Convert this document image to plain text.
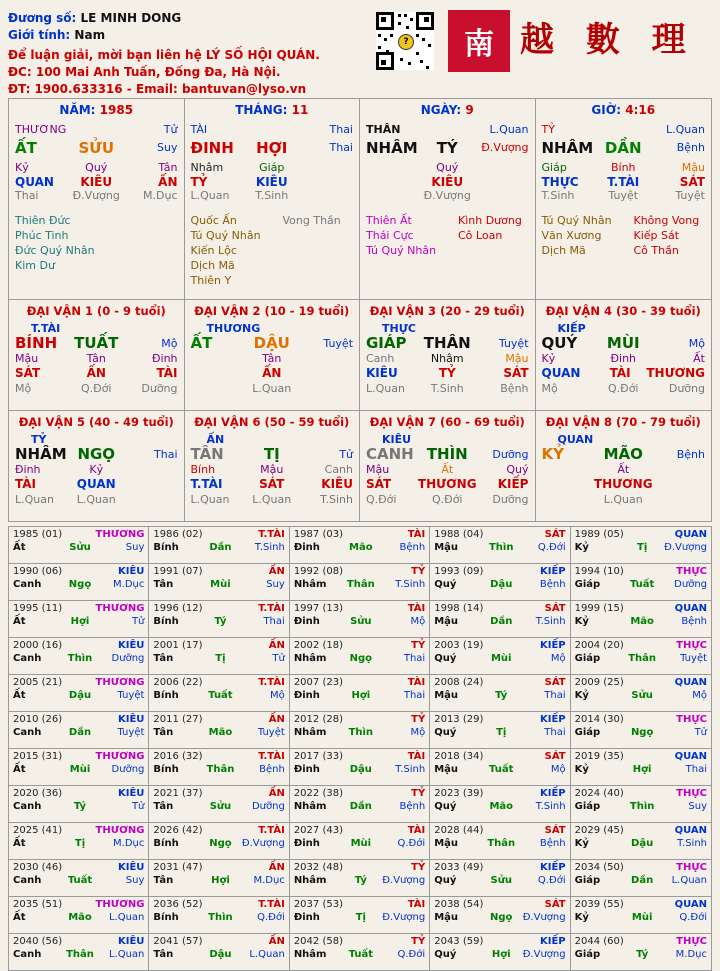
Đương số: LE MINH DONG
Giới tính: Nam
Để luận giải, mời bạn liên hệ LÝ SỐ HỘI QUÁN.
ĐC: 100 Mai Anh Tuấn, Đống Đa, Hà Nội.
ĐT: 1900.633316 - Email: bantuvan@lyso.vn
?	南 越 數 理
NĂM: 1985
THƯƠNG	Tử
ẤT	SỬU	Suy
Kỷ	Quý	Tân
QUAN	KIÊU	ẤN
Thai	Đ.Vượng	M.Dục
Thiên Đức
Phúc Tinh
Đức Quý Nhân
Kim Dư
THÁNG: 11
TÀI	Thai
ĐINH	HỢI	Thai
Nhâm	Giáp
TỶ	KIÊU
L.Quan	T.Sinh
Quốc Ấn	Vong Thần
Tú Quý Nhân
Kiến Lộc
Dịch Mã
Thiên Y
NGÀY: 9
THÂN	L.Quan
NHÂM	TÝ	Đ.Vượng
Quý
KIÊU
Đ.Vượng
Thiên Ất	Kình Dương
Thái Cực	Cô Loan
Tú Quý Nhân
GIỜ: 4:16
TỶ	L.Quan
NHÂM DẦN	Bệnh
Giáp	Bính	Mậu
THỰC	T.TÀI	SÁT
T.Sinh	Tuyệt	Tuyệt
Tú Quý Nhân	Không Vong
Văn Xương	Kiếp Sát
Dịch Mã	Cô Thần
ĐẠI VẬN 1 (0 - 9 tuổi)
T.TÀI
BÍNH	TUẤT	Mộ
Mậu	Tân	Đinh
SÁT	ẤN	TÀI
Mộ	Q.Đới	Dưỡng
ĐẠI VẬN 2 (10 - 19 tuổi)
THƯƠNG
ẤT	DẬU	Tuyệt
Tân
ẤN
L.Quan
ĐẠI VẬN 3 (20 - 29 tuổi)
THỰC
GIÁP	THÂN	Tuyệt
Canh	Nhâm	Mậu
KIÊU	TỶ	SÁT
L.Quan	T.Sinh	Bệnh
ĐẠI VẬN 4 (30 - 39 tuổi)
KIẾP
QUÝ	MÙI	Mộ
Kỷ	Đinh	Ất
QUAN	TÀI	THƯƠNG
Mộ	Q.Đới	Dưỡng
ĐẠI VẬN 5 (40 - 49 tuổi)
TỶ
NHÂM NGỌ	Thai
Đinh	Kỷ
TÀI	QUAN
L.Quan	L.Quan
ĐẠI VẬN 6 (50 - 59 tuổi)
ẤN
TÂN	TỊ	Tử
Bính	Mậu	Canh
T.TÀI	SÁT	KIÊU
L.Quan	L.Quan	T.Sinh
ĐẠI VẬN 7 (60 - 69 tuổi)
KIÊU
CANH THÌN	Dưỡng
Mậu	Ất	Quý
SÁT	THƯƠNG	KIẾP
Q.Đới	Q.Đới	Dưỡng
ĐẠI VẬN 8 (70 - 79 tuổi)
QUAN
KỶ	MÃO	Bệnh
Ất
THƯƠNG
L.Quan
1985 (01)	THƯƠNG
Ất	Sửu	Suy
1986 (02)	T.TÀI
Bính	Dần	T.Sinh
1987 (03)	TÀI
Đinh	Mão	Bệnh
1988 (04)	SÁT
Mậu	Thìn	Q.Đới
1989 (05)	QUAN
Kỷ	Tị	Đ.Vượng
1990 (06)	KIÊU
Canh	Ngọ	M.Dục
1991 (07)	ẤN
Tân	Mùi	Suy
1992 (08)	TỶ
Nhâm	Thân	T.Sinh
1993 (09)	KIẾP
Quý	Dậu	Bệnh
1994 (10)	THỰC
Giáp	Tuất	Dưỡng
1995 (11)	THƯƠNG
Ất	Hợi	Tử
1996 (12)	T.TÀI
Bính	Tý	Thai
1997 (13)	TÀI
Đinh	Sửu	Mộ
1998 (14)	SÁT
Mậu	Dần	T.Sinh
1999 (15)	QUAN
Kỷ	Mão	Bệnh
2000 (16)	KIÊU
Canh	Thìn	Dưỡng
2001 (17)	ẤN
Tân	Tị	Tử
2002 (18)	TỶ
Nhâm	Ngọ	Thai
2003 (19)	KIẾP
Quý	Mùi	Mộ
2004 (20)	THỰC
Giáp	Thân	Tuyệt
2005 (21)	THƯƠNG
Ất	Dậu	Tuyệt
2006 (22)	T.TÀI
Bính	Tuất	Mộ
2007 (23)	TÀI
Đinh	Hợi	Thai
2008 (24)	SÁT
Mậu	Tý	Thai
2009 (25)	QUAN
Kỷ	Sửu	Mộ
2010 (26)	KIÊU
Canh	Dần	Tuyệt
2011 (27)	ẤN
Tân	Mão	Tuyệt
2012 (28)	TỶ
Nhâm	Thìn	Mộ
2013 (29)	KIẾP
Quý	Tị	Thai
2014 (30)	THỰC
Giáp	Ngọ	Tử
2015 (31)	THƯƠNG
Ất	Mùi	Dưỡng
2016 (32)	T.TÀI
Bính	Thân	Bệnh
2017 (33)	TÀI
Đinh	Dậu	T.Sinh
2018 (34)	SÁT
Mậu	Tuất	Mộ
2019 (35)	QUAN
Kỷ	Hợi	Thai
2020 (36)	KIÊU
Canh	Tý	Tử
2021 (37)	ẤN
Tân	Sửu	Dưỡng
2022 (38)	TỶ
Nhâm	Dần	Bệnh
2023 (39)	KIẾP
Quý	Mão	T.Sinh
2024 (40)	THỰC
Giáp	Thìn	Suy
2025 (41)	THƯƠNG
Ất	Tị	M.Dục
2026 (42)	T.TÀI
Bính	Ngọ	Đ.Vượng
2027 (43)	TÀI
Đinh	Mùi	Q.Đới
2028 (44)	SÁT
Mậu	Thân	Bệnh
2029 (45)	QUAN
Kỷ	Dậu	T.Sinh
2030 (46)	KIÊU
Canh	Tuất	Suy
2031 (47)	ẤN
Tân	Hợi	M.Dục
2032 (48)	TỶ
Nhâm	Tý	Đ.Vượng
2033 (49)	KIẾP
Quý	Sửu	Q.Đới
2034 (50)	THỰC
Giáp	Dần	L.Quan
2035 (51)	THƯƠNG
Ất	Mão	L.Quan
2036 (52)	T.TÀI
Bính	Thìn	Q.Đới
2037 (53)	TÀI
Đinh	Tị	Đ.Vượng
2038 (54)	SÁT
Mậu	Ngọ	Đ.Vượng
2039 (55)	QUAN
Kỷ	Mùi	Q.Đới
2040 (56)	KIÊU
Canh	Thân	L.Quan
2041 (57)	ẤN
Tân	Dậu	L.Quan
2042 (58)	TỶ
Nhâm	Tuất	Q.Đới
2043 (59)	KIẾP
Quý	Hợi	Đ.Vượng
2044 (60)	THỰC
Giáp	Tý	M.Dục
